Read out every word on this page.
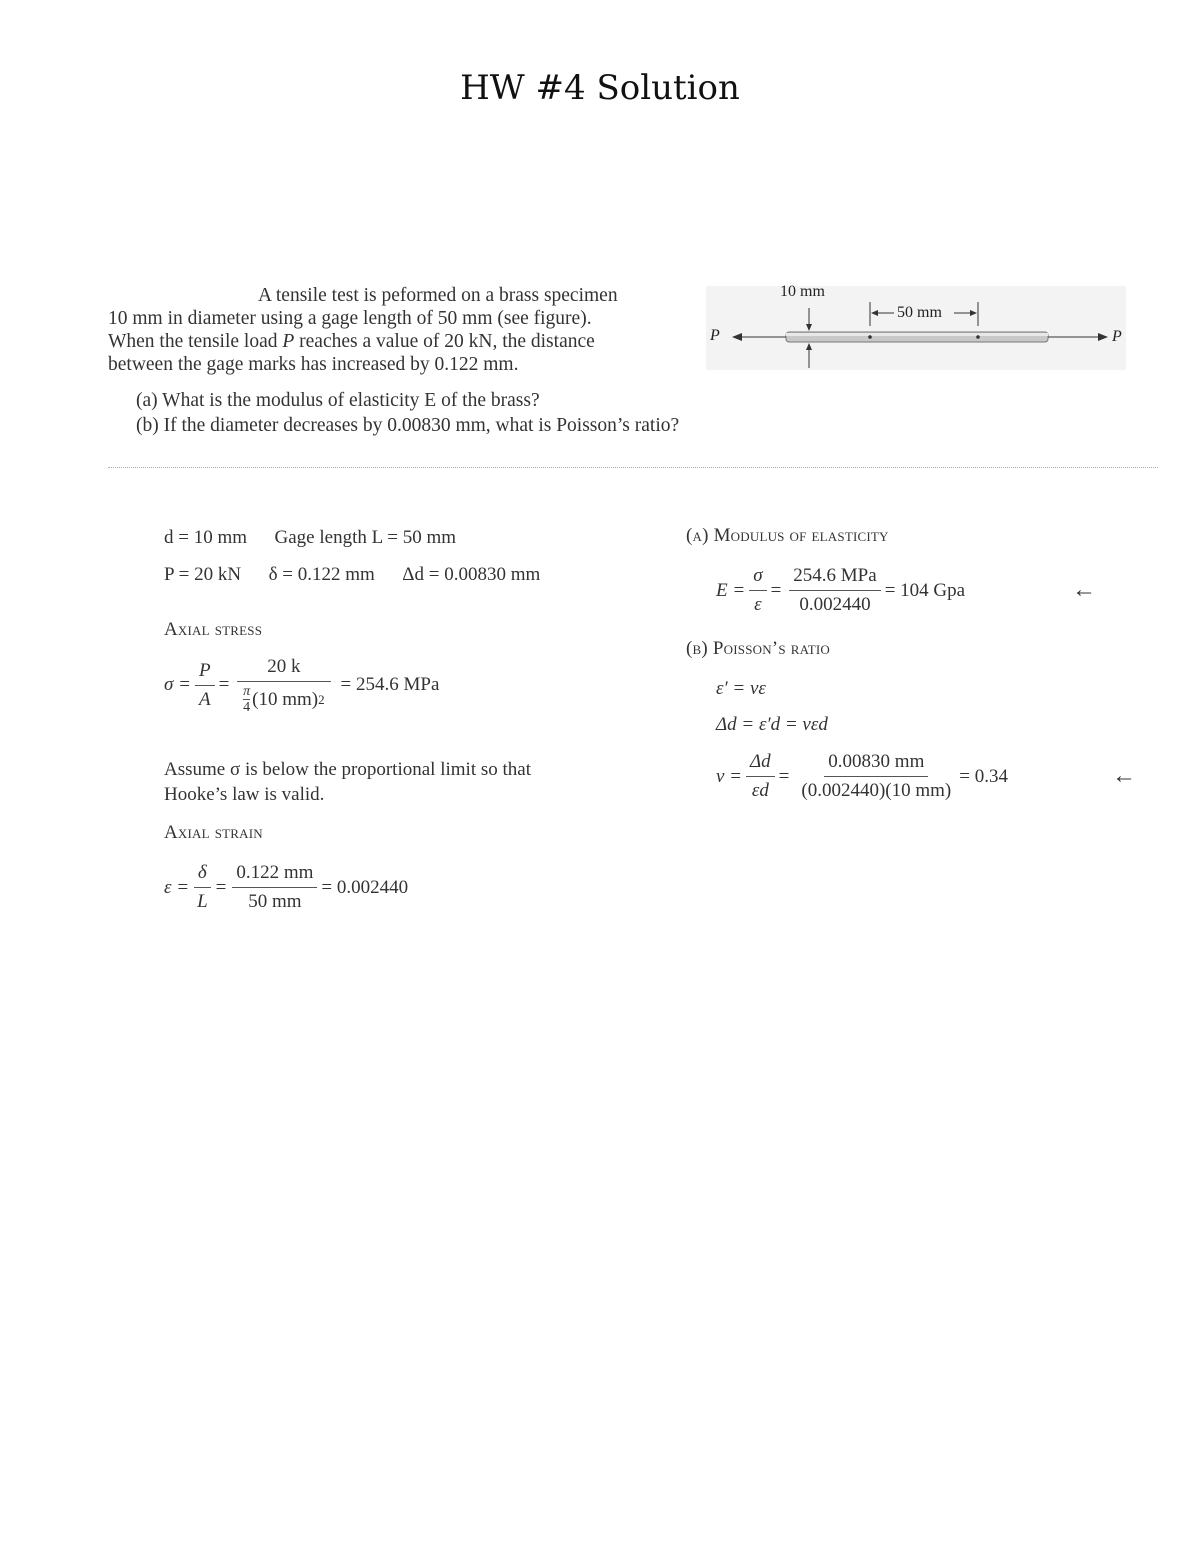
HW #4 Solution
A tensile test is peformed on a brass specimen
10 mm in diameter using a gage length of 50 mm (see figure).
When the tensile load P reaches a value of 20 kN, the distance
between the gage marks has increased by 0.122 mm.
(a) What is the modulus of elasticity E of the brass?
(b) If the diameter decreases by 0.00830 mm, what is Poisson’s ratio?
10 mm
50 mm
P	P
d = 10 mm Gage length L = 50 mm
P = 20 kN δ = 0.122 mm Δd = 0.00830 mm
Axial stress
$\sigma = \frac{P}{A} = 20$ k
π
4 (10 mm) 2 = 254.6 MPa
Assume σ is below the proportional limit so that
Hooke’s law is valid.
Axial strain
$\varepsilon = \frac{\delta}{L} = \frac{0.122 mm}{50 mm} = 0.002440$
(a) Modulus of elasticity
$E = \frac{\sigma}{\varepsilon} = \frac{\text{254.6 MPa}}{0.002440} = 104$ Gpa	←
(b) Poisson’s ratio
ε′ = νε
Δd = ε′d = νεd
$\nu = \frac{\Delta d}{\varepsilon d} = \frac{0.00830 mm}{(0.002440)(10 mm)} = 0.34$	←
